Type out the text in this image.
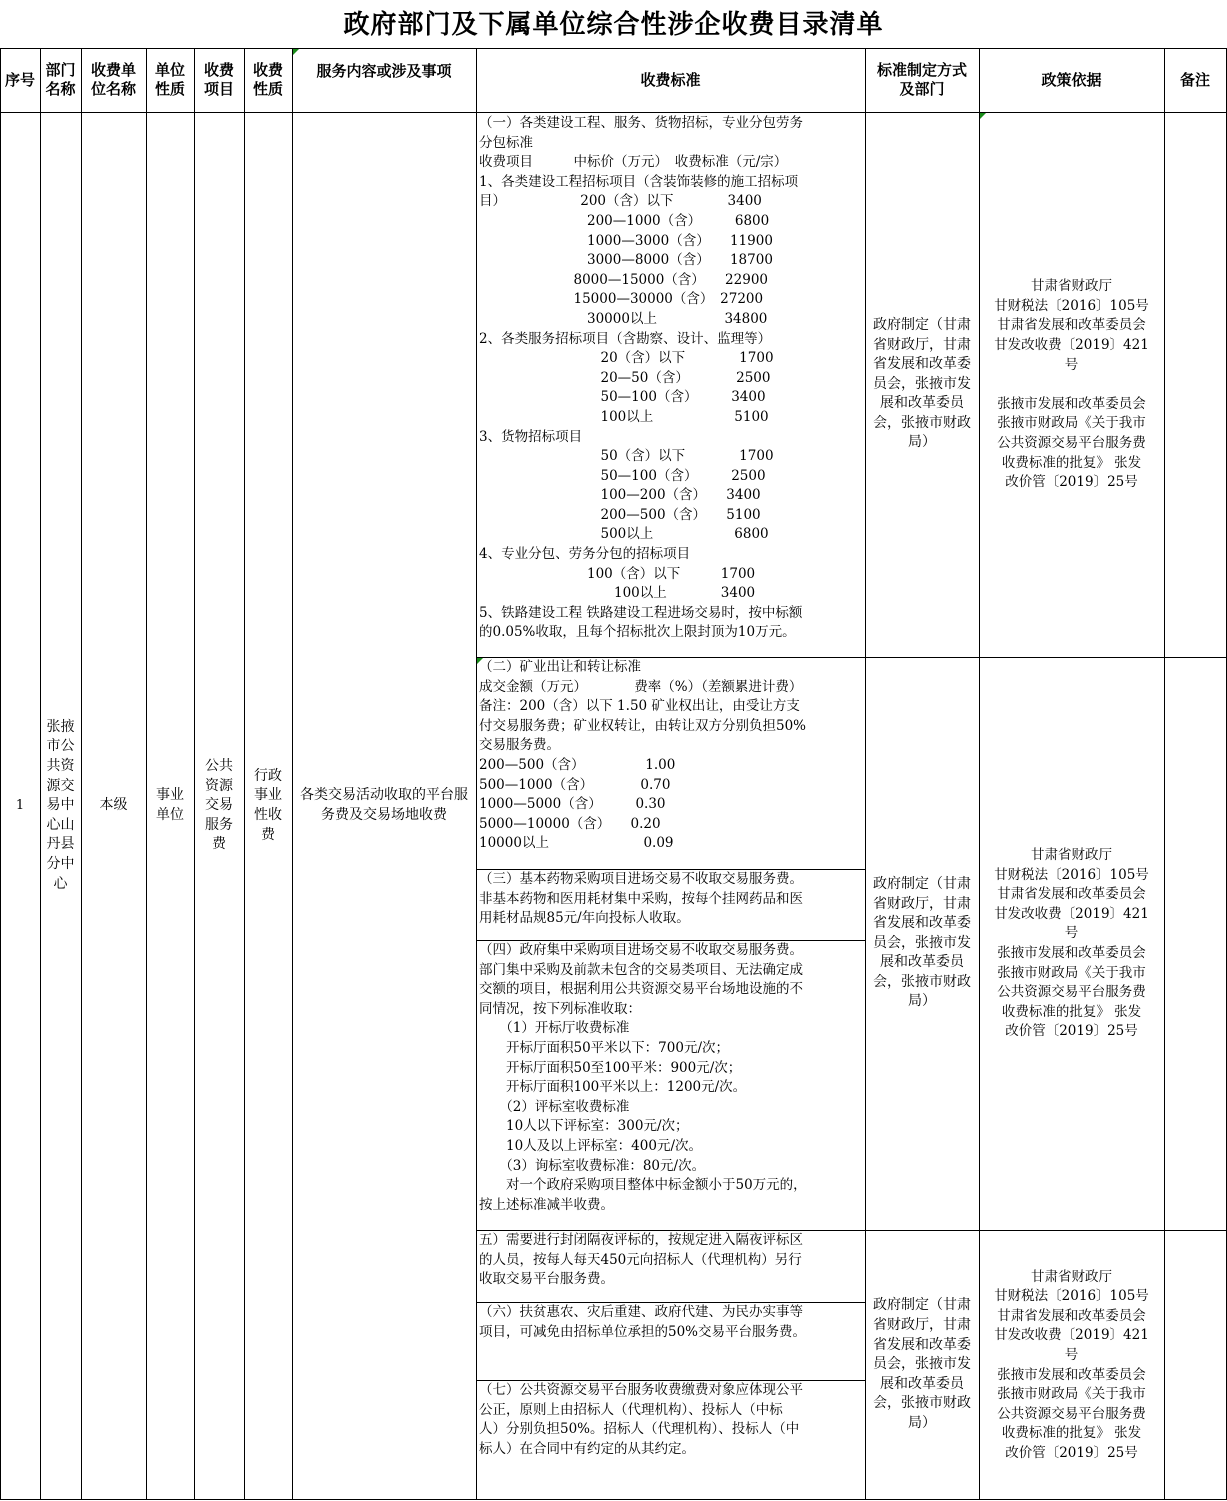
政府部门及下属单位综合性涉企收费目录清单
序号
部门名称
收费单位名称
单位性质
收费项目
收费性质
服务内容或涉及事项	收费标准
标准制定方式及部门
政策依据	备注
1
张掖市公共资源交易中心山丹县分中心
本级
事业单位
公共资源交易服务费
行政事业性收费
各类交易活动收取的平台服务费及交易场地收费
（一）各类建设工程、服务、货物招标，专业分包劳务
分包标准
收费项目　　　中标价（万元）　收费标准（元/宗）
1、各类建设工程招标项目（含装饰装修的施工招标项
目）　　　　　　200（含）以下　　　　3400
　　　　　　　　200—1000（含）　　　6800
　　　　　　　　1000—3000（含）　　11900
　　　　　　　　3000—8000（含）　　18700
　　　　　　　8000—15000（含）　　22900
　　　　　　　15000—30000（含）　27200
　　　　　　　　30000以上　　　　　34800
2、各类服务招标项目（含勘察、设计、监理等）
　　　　　　　　　20（含）以下　　　　1700
　　　　　　　　　20—50（含）　　　　2500
　　　　　　　　　50—100（含）　　　3400
　　　　　　　　　100以上　　　　　　5100
3、货物招标项目
　　　　　　　　　50（含）以下　　　　1700
　　　　　　　　　50—100（含）　　　2500
　　　　　　　　　100—200（含）　　3400
　　　　　　　　　200—500（含）　　5100
　　　　　　　　　500以上　　　　　　6800
4、专业分包、劳务分包的招标项目
　　　　　　　　100（含）以下　　　1700
　　　　　　　　　　100以上　　　　3400
5、铁路建设工程 铁路建设工程进场交易时，按中标额
的0.05%收取，且每个招标批次上限封顶为10万元。
（二）矿业出让和转让标准
成交金额（万元）　　　　费率（%）（差额累进计费）
备注：200（含）以下 1.50 矿业权出让，由受让方支
付交易服务费；矿业权转让，由转让双方分别负担50%
交易服务费。
200—500（含）　　　　　1.00
500—1000（含）　　　　0.70
1000—5000（含）　　　0.30
5000—10000（含）　　0.20
10000以上　　　　　　　0.09
（三）基本药物采购项目进场交易不收取交易服务费。
非基本药物和医用耗材集中采购，按每个挂网药品和医
用耗材品规85元/年向投标人收取。
（四）政府集中采购项目进场交易不收取交易服务费。
部门集中采购及前款未包含的交易类项目、无法确定成
交额的项目，根据利用公共资源交易平台场地设施的不
同情况，按下列标准收取：
　　（1）开标厅收费标准
　　开标厅面积50平米以下：700元/次；
　　开标厅面积50至100平米：900元/次；
　　开标厅面积100平米以上：1200元/次。
　　（2）评标室收费标准
　　10人以下评标室：300元/次；
　　10人及以上评标室：400元/次。
　　（3）询标室收费标准：80元/次。
　　对一个政府采购项目整体中标金额小于50万元的，
按上述标准减半收费。
五）需要进行封闭隔夜评标的，按规定进入隔夜评标区
的人员，按每人每天450元向招标人（代理机构）另行
收取交易平台服务费。
（六）扶贫惠农、灾后重建、政府代建、为民办实事等
项目，可减免由招标单位承担的50%交易平台服务费。
（七）公共资源交易平台服务收费缴费对象应体现公平
公正，原则上由招标人（代理机构）、投标人（中标
人）分别负担50%。招标人（代理机构）、投标人（中
标人）在合同中有约定的从其约定。
政府制定（甘肃省财政厅，甘肃省发展和改革委员会，张掖市发展和改革委员会，张掖市财政局）
政府制定（甘肃省财政厅，甘肃省发展和改革委员会，张掖市发展和改革委员会，张掖市财政局）
政府制定（甘肃省财政厅，甘肃省发展和改革委员会，张掖市发展和改革委员会，张掖市财政局）
甘肃省财政厅
甘财税法〔2016〕105号
甘肃省发展和改革委员会
甘发改收费〔2019〕421
号

张掖市发展和改革委员会
张掖市财政局《关于我市
公共资源交易平台服务费
收费标准的批复》 张发
改价管〔2019〕25号
甘肃省财政厅
甘财税法〔2016〕105号
甘肃省发展和改革委员会
甘发改收费〔2019〕421
号
张掖市发展和改革委员会
张掖市财政局《关于我市
公共资源交易平台服务费
收费标准的批复》 张发
改价管〔2019〕25号
甘肃省财政厅
甘财税法〔2016〕105号
甘肃省发展和改革委员会
甘发改收费〔2019〕421
号
张掖市发展和改革委员会
张掖市财政局《关于我市
公共资源交易平台服务费
收费标准的批复》 张发
改价管〔2019〕25号
